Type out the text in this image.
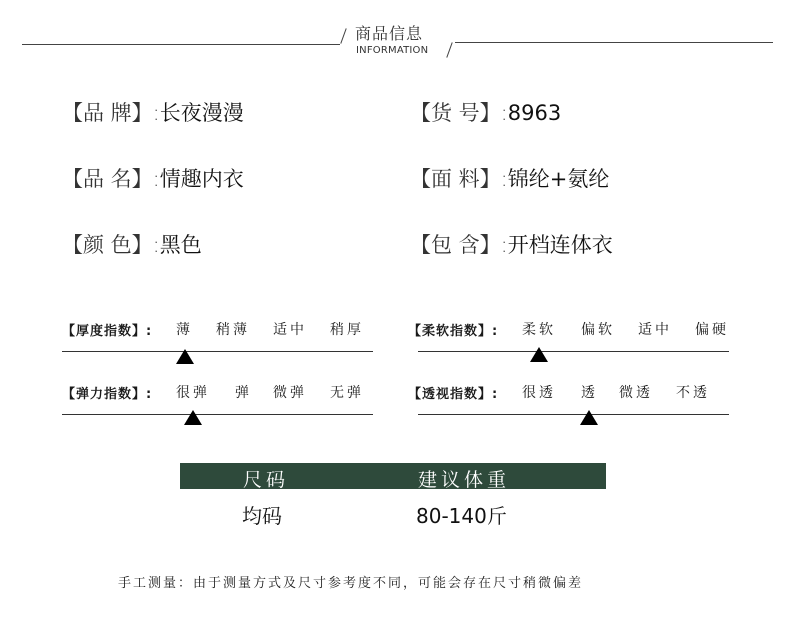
商品信息
INFORMATION
【品 牌】:长夜漫漫	【货 号】:8963
【品 名】:情趣内衣	【面 料】:锦纶+氨纶
【颜 色】:黑色	【包 含】:开档连体衣
【厚度指数】: 薄 稍薄 适中 稍厚	【柔软指数】: 柔软 偏软 适中 偏硬
【弹力指数】: 很弹 弹 微弹 无弹	【透视指数】: 很透 透 微透 不透
尺码	建议体重
均码	80-140斤
手工测量：由于测量方式及尺寸参考度不同，可能会存在尺寸稍微偏差
